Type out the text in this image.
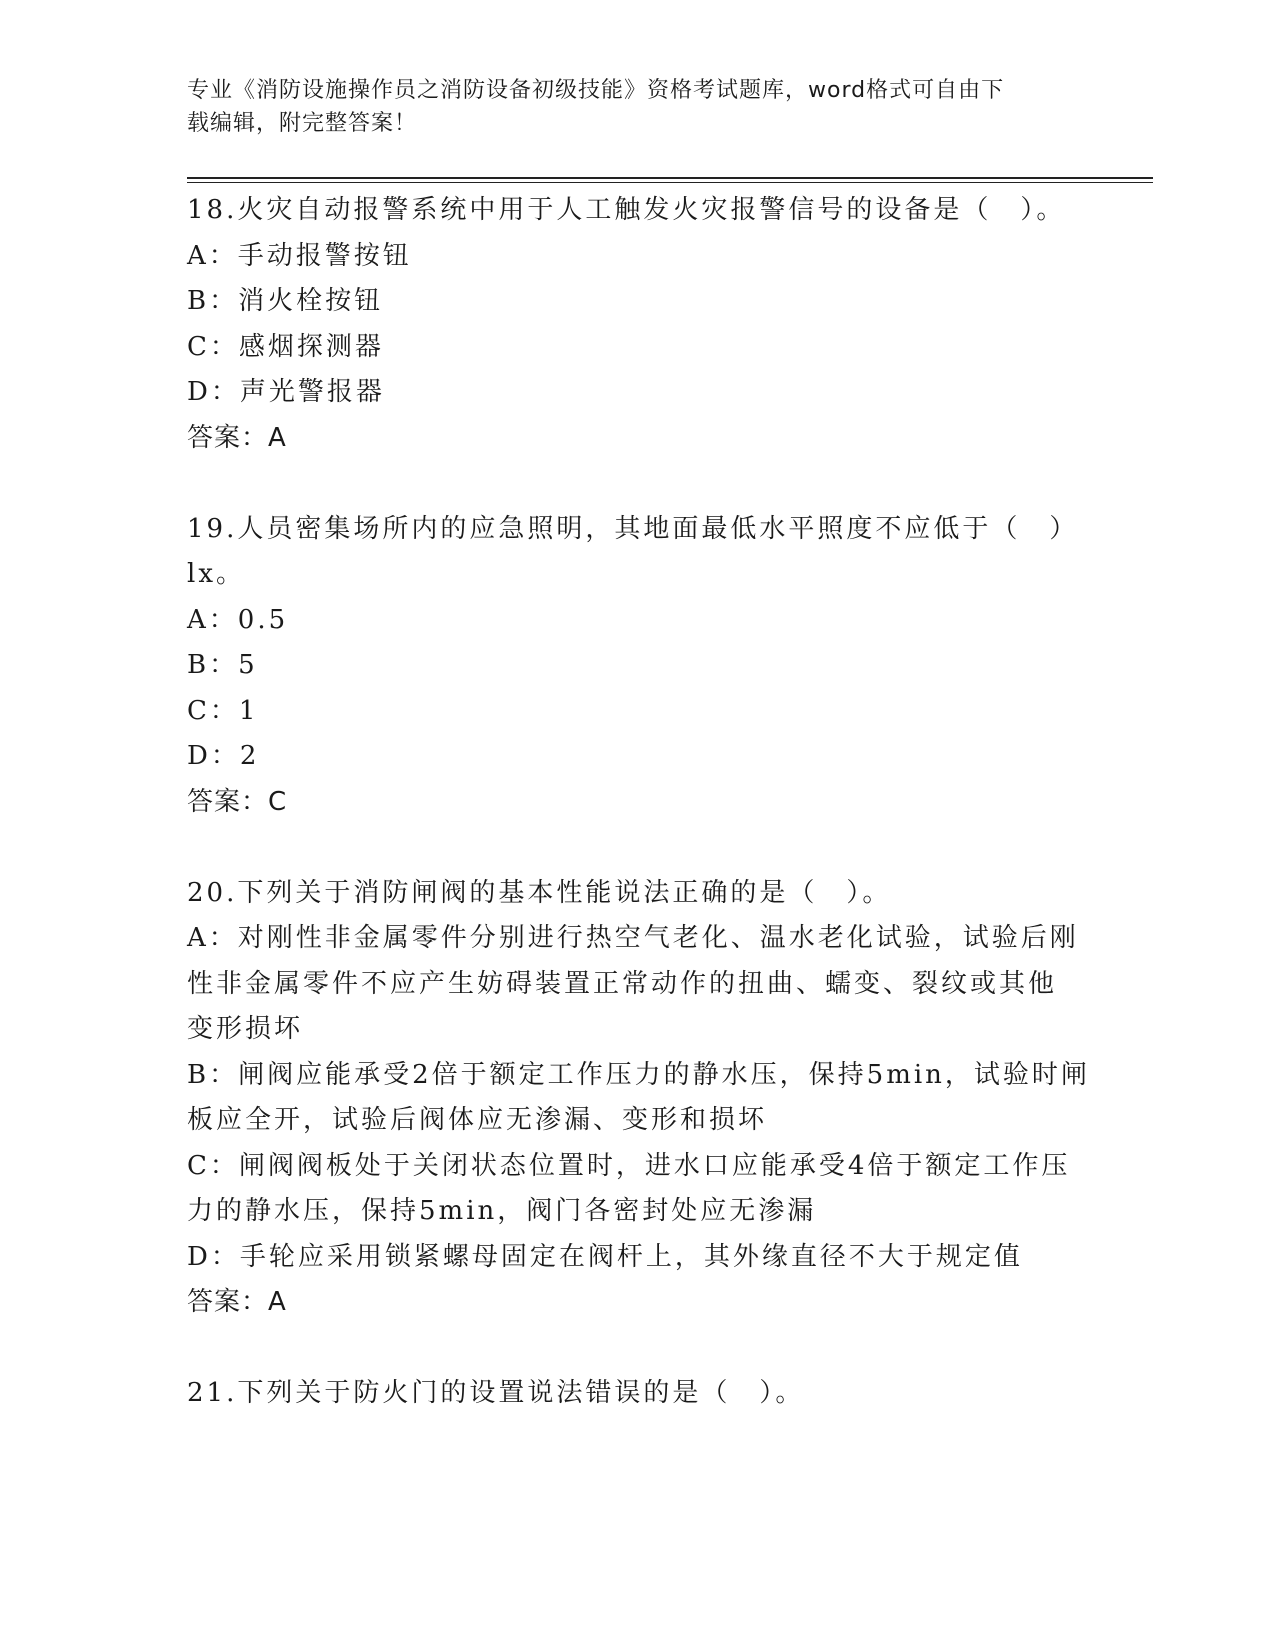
专业《消防设施操作员之消防设备初级技能》资格考试题库，word格式可自由下
载编辑，附完整答案！
18.火灾自动报警系统中用于人工触发火灾报警信号的设备是（　）。
A：手动报警按钮
B：消火栓按钮
C：感烟探测器
D：声光警报器
答案：A
19.人员密集场所内的应急照明，其地面最低水平照度不应低于（　）
lx。
A：0.5
B：5
C：1
D：2
答案：C
20.下列关于消防闸阀的基本性能说法正确的是（　）。
A：对刚性非金属零件分别进行热空气老化、温水老化试验，试验后刚
性非金属零件不应产生妨碍装置正常动作的扭曲、蠕变、裂纹或其他
变形损坏
B：闸阀应能承受2倍于额定工作压力的静水压，保持5min，试验时闸
板应全开，试验后阀体应无渗漏、变形和损坏
C：闸阀阀板处于关闭状态位置时，进水口应能承受4倍于额定工作压
力的静水压，保持5min，阀门各密封处应无渗漏
D：手轮应采用锁紧螺母固定在阀杆上，其外缘直径不大于规定值
答案：A
21.下列关于防火门的设置说法错误的是（　）。
